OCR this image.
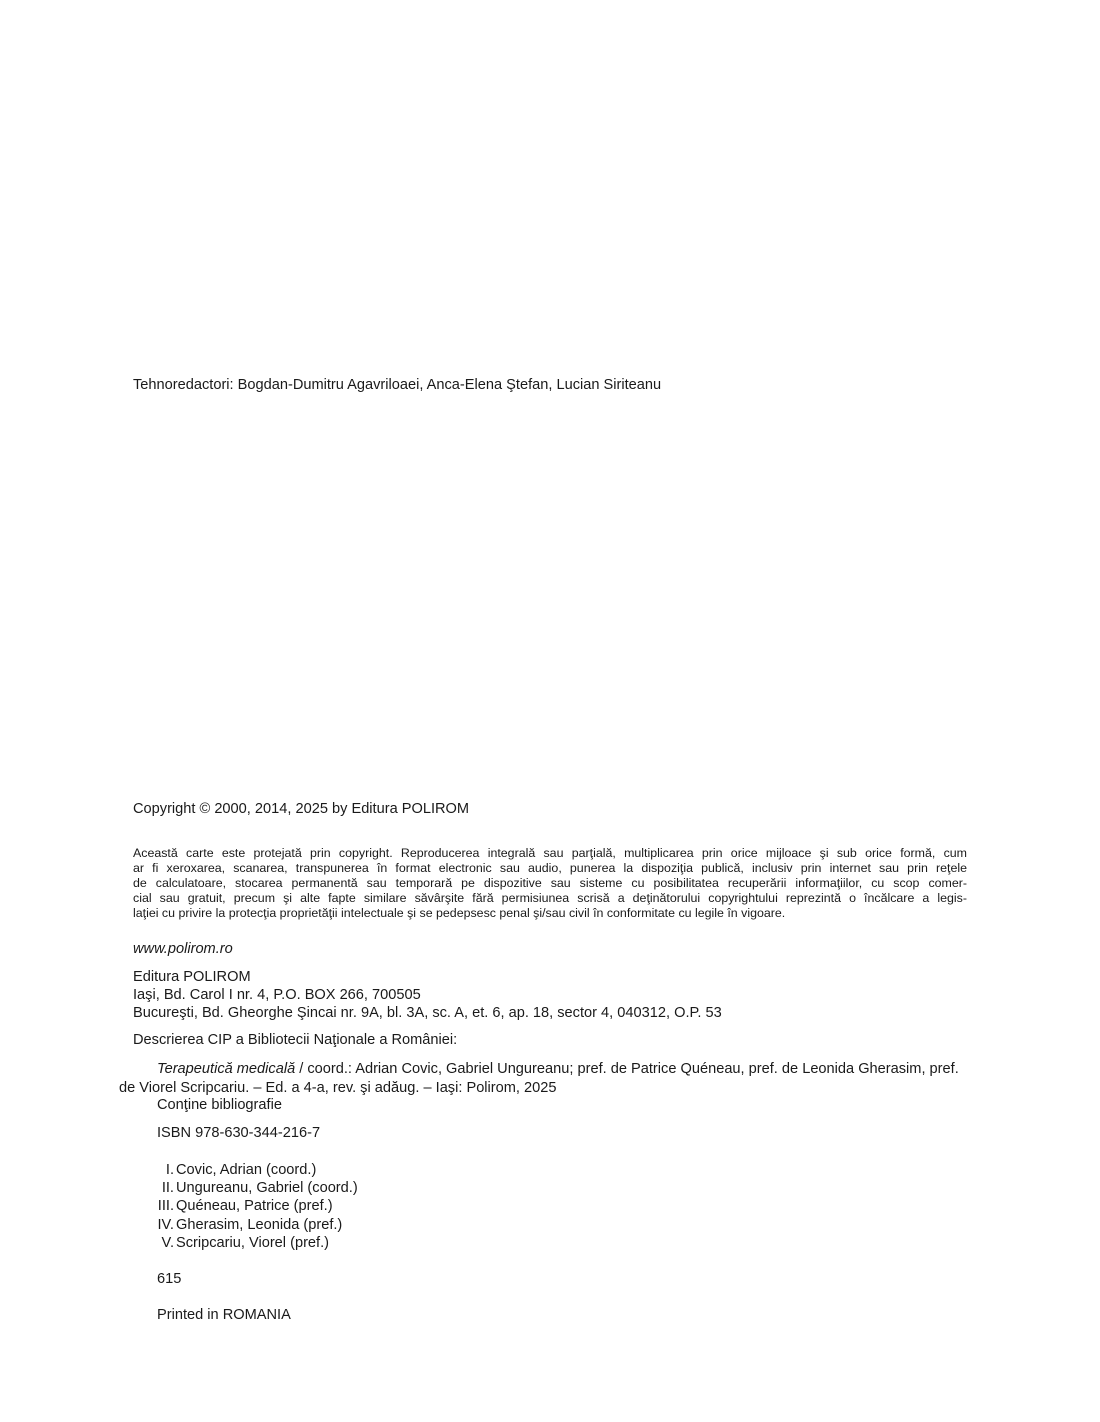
Tehnoredactori: Bogdan-Dumitru Agavriloaei, Anca-Elena Ştefan, Lucian Siriteanu
Copyright © 2000, 2014, 2025 by Editura POLIROM
Această carte este protejată prin copyright. Reproducerea integrală sau parţială, multiplicarea prin orice mijloace şi sub orice formă, cum
ar fi xeroxarea, scanarea, transpunerea în format electronic sau audio, punerea la dispoziţia publică, inclusiv prin internet sau prin reţele
de calculatoare, stocarea permanentă sau temporară pe dispozitive sau sisteme cu posibilitatea recuperării informaţiilor, cu scop comer-
cial sau gratuit, precum şi alte fapte similare săvârşite fără permisiunea scrisă a deţinătorului copyrightului reprezintă o încălcare a legis-
laţiei cu privire la protecţia proprietăţii intelectuale şi se pedepsesc penal şi/sau civil în conformitate cu legile în vigoare.
www.polirom.ro
Editura POLIROM
Iaşi, Bd. Carol I nr. 4, P.O. BOX 266, 700505
Bucureşti, Bd. Gheorghe Şincai nr. 9A, bl. 3A, sc. A, et. 6, ap. 18, sector 4, 040312, O.P. 53
Descrierea CIP a Bibliotecii Naţionale a României:
Terapeutică medicală / coord.: Adrian Covic, Gabriel Ungureanu; pref. de Patrice Quéneau, pref. de Leonida Gherasim, pref.
de Viorel Scripcariu. – Ed. a 4-a, rev. şi adăug. – Iaşi: Polirom, 2025
Conţine bibliografie
ISBN 978-630-344-216-7
I. Covic, Adrian (coord.)
II. Ungureanu, Gabriel (coord.)
III. Quéneau, Patrice (pref.)
IV. Gherasim, Leonida (pref.)
V. Scripcariu, Viorel (pref.)
615
Printed in ROMANIA
